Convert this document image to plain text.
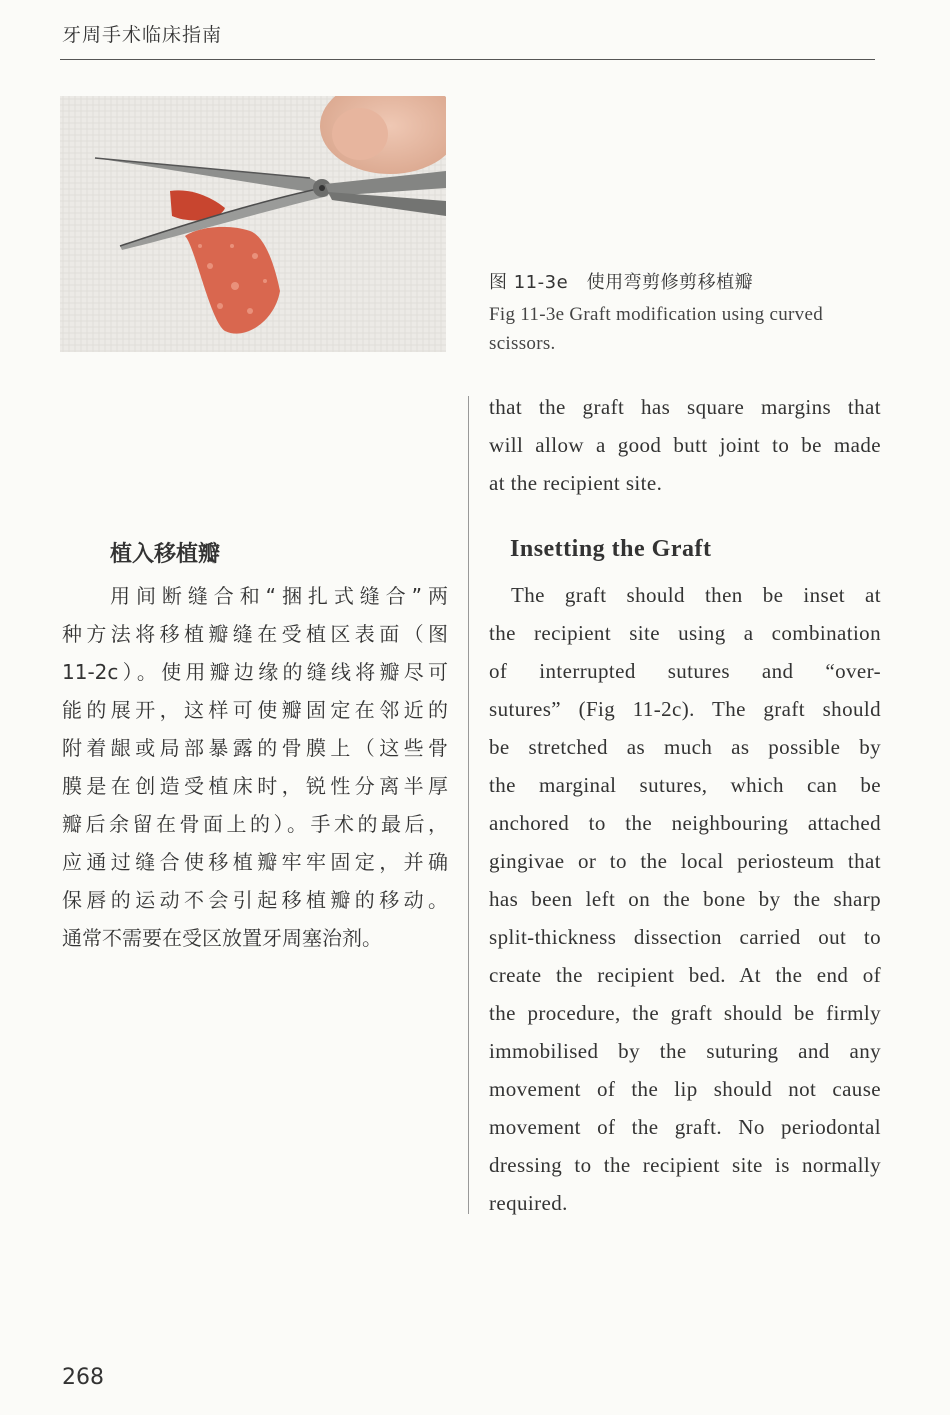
牙周手术临床指南
图 11-3e　使用弯剪修剪移植瓣
Fig 11-3e Graft modification using curved
scissors.
that the graft has square margins that
will allow a good butt joint to be made
at the recipient site.
Insetting the Graft
The graft should then be inset at
the recipient site using a combination
of interrupted sutures and “over-
sutures” (Fig 11-2c). The graft should
be stretched as much as possible by
the marginal sutures, which can be
anchored to the neighbouring attached
gingivae or to the local periosteum that
has been left on the bone by the sharp
split-thickness dissection carried out to
create the recipient bed. At the end of
the procedure, the graft should be firmly
immobilised by the suturing and any
movement of the lip should not cause
movement of the graft. No periodontal
dressing to the recipient site is normally
required.
植入移植瓣
用间断缝合和“捆扎式缝合”两
种方法将移植瓣缝在受植区表面（图
11-2c）。使用瓣边缘的缝线将瓣尽可
能的展开，这样可使瓣固定在邻近的
附着龈或局部暴露的骨膜上（这些骨
膜是在创造受植床时，锐性分离半厚
瓣后余留在骨面上的）。手术的最后，
应通过缝合使移植瓣牢牢固定，并确
保唇的运动不会引起移植瓣的移动。
通常不需要在受区放置牙周塞治剂。
268
